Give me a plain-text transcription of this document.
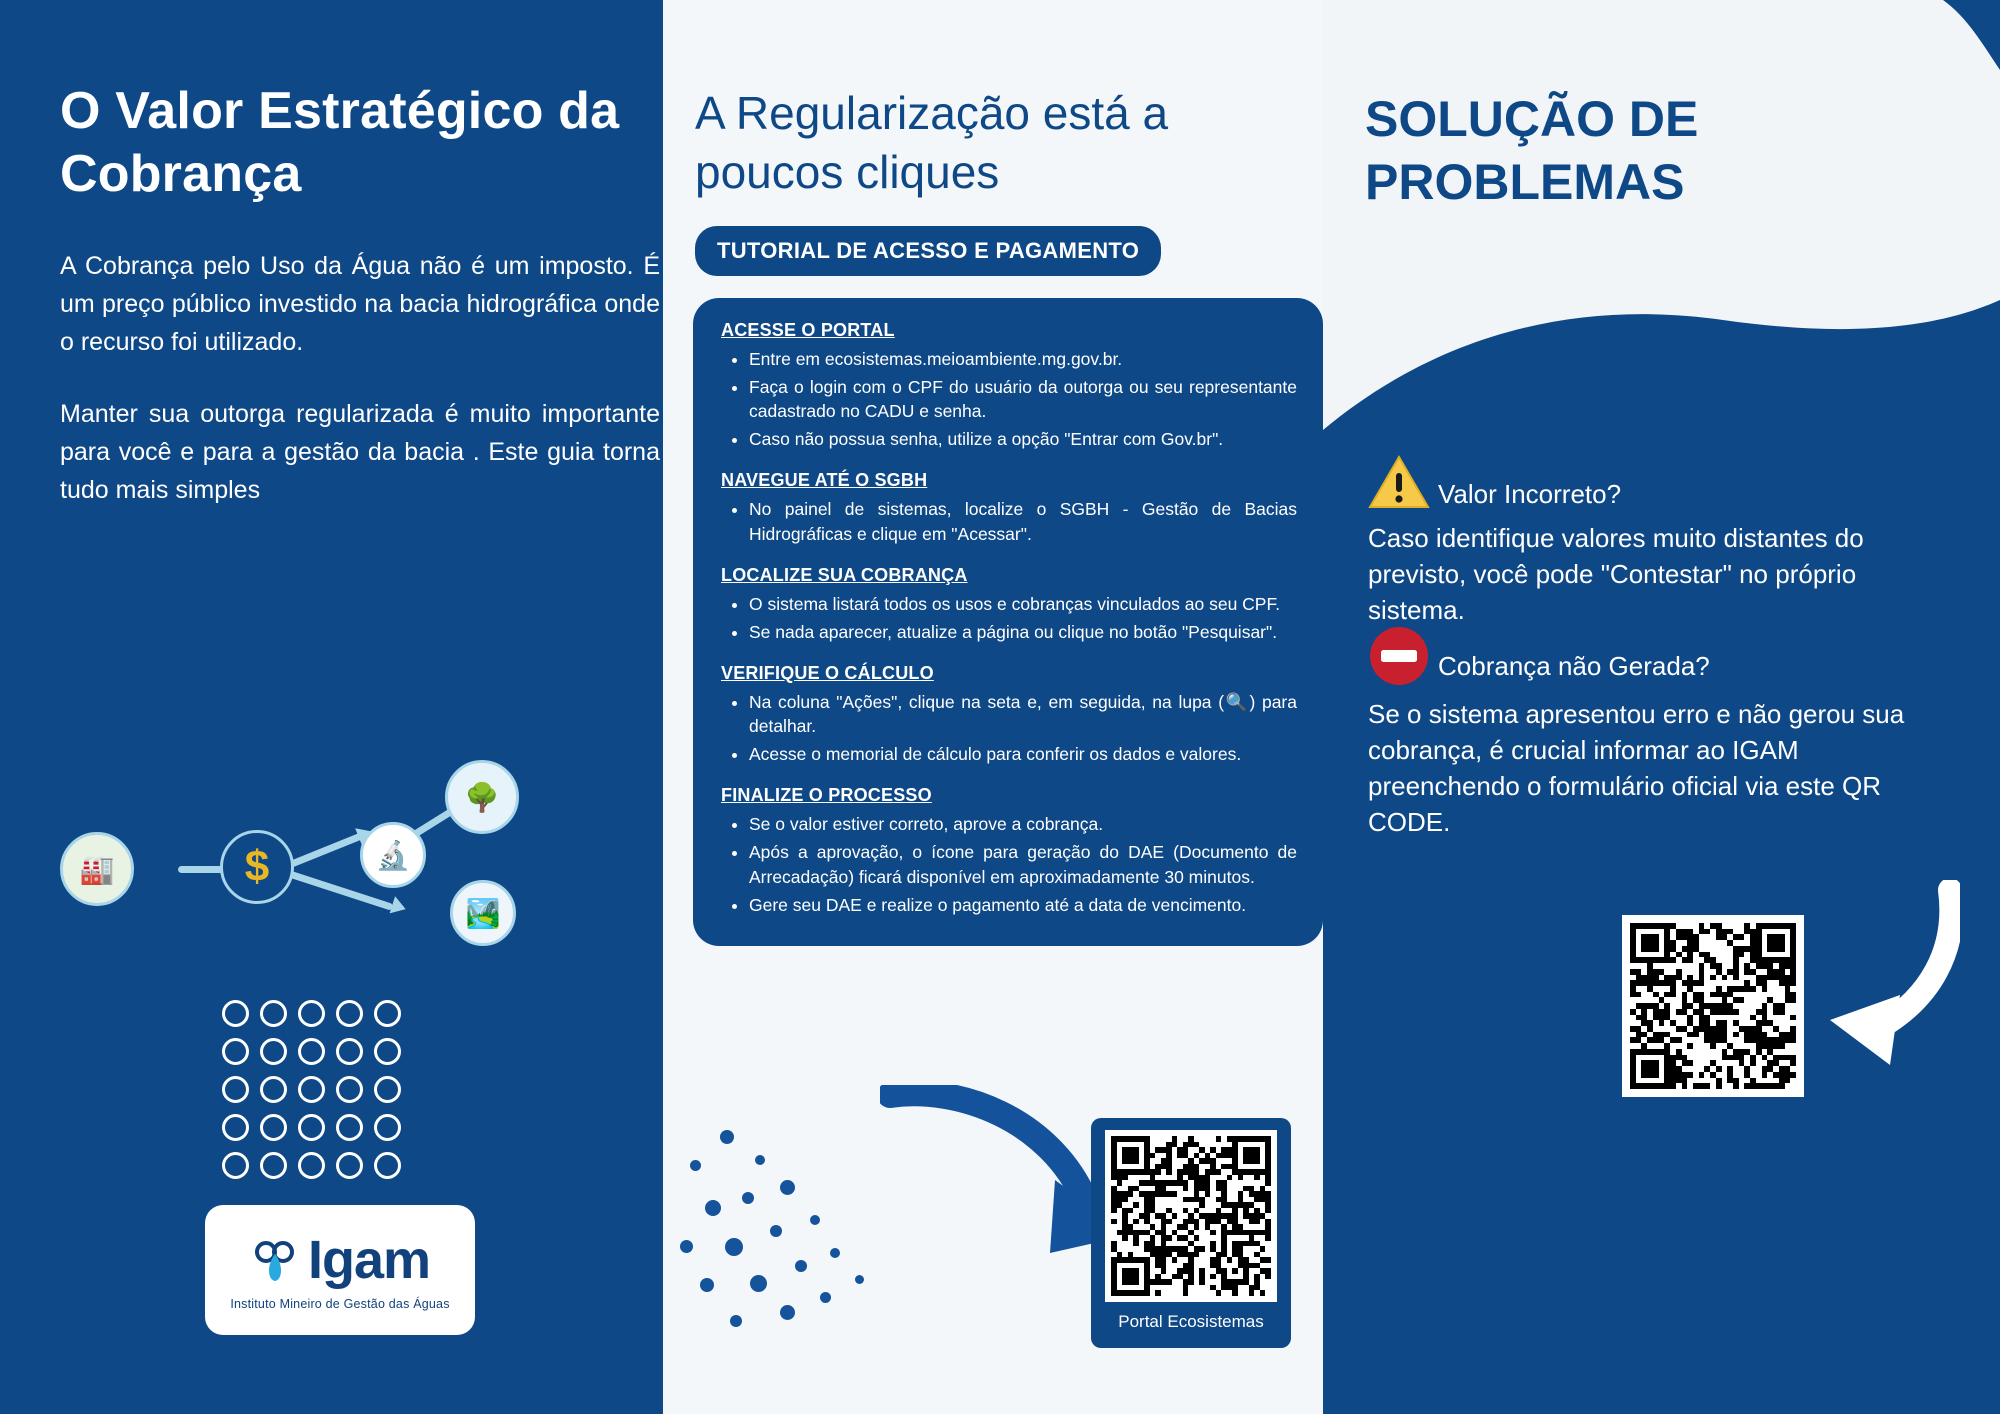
O Valor Estratégico da Cobrança

A Cobrança pelo Uso da Água não é um imposto. É um preço público investido na bacia hidrográfica onde o recurso foi utilizado.

Manter sua outorga regularizada é muito importante para você e para a gestão da bacia . Este guia torna tudo mais simples

🏭	$	🔬
🌳
🏞️
Igam
Instituto Mineiro de Gestão das Águas
A Regularização está a poucos cliques
TUTORIAL DE ACESSO E PAGAMENTO
ACESSE O PORTAL
• Entre em ecosistemas.meioambiente.mg.gov.br.
• Faça o login com o CPF do usuário da outorga ou seu representante cadastrado no CADU e senha.
• Caso não possua senha, utilize a opção "Entrar com Gov.br".
NAVEGUE ATÉ O SGBH
• No painel de sistemas, localize o SGBH - Gestão de Bacias Hidrográficas e clique em "Acessar".
LOCALIZE SUA COBRANÇA
• O sistema listará todos os usos e cobranças vinculados ao seu CPF.
• Se nada aparecer, atualize a página ou clique no botão "Pesquisar".
VERIFIQUE O CÁLCULO
• Na coluna "Ações", clique na seta e, em seguida, na lupa (🔍) para detalhar.
• Acesse o memorial de cálculo para conferir os dados e valores.
FINALIZE O PROCESSO
• Se o valor estiver correto, aprove a cobrança.
• Após a aprovação, o ícone para geração do DAE (Documento de Arrecadação) ficará disponível em aproximadamente 30 minutos.
• Gere seu DAE e realize o pagamento até a data de vencimento.
Portal Ecosistemas
SOLUÇÃO DE PROBLEMAS
Valor Incorreto?
Caso identifique valores muito distantes do previsto, você pode "Contestar" no próprio sistema.
Cobrança não Gerada?
Se o sistema apresentou erro e não gerou sua cobrança, é crucial informar ao IGAM preenchendo o formulário oficial via este QR CODE.
Cobrança IGAM
Canais de Atendimento:
(31) 3915-1267
cobrança.agua@meioambiente.mg.gov.br
